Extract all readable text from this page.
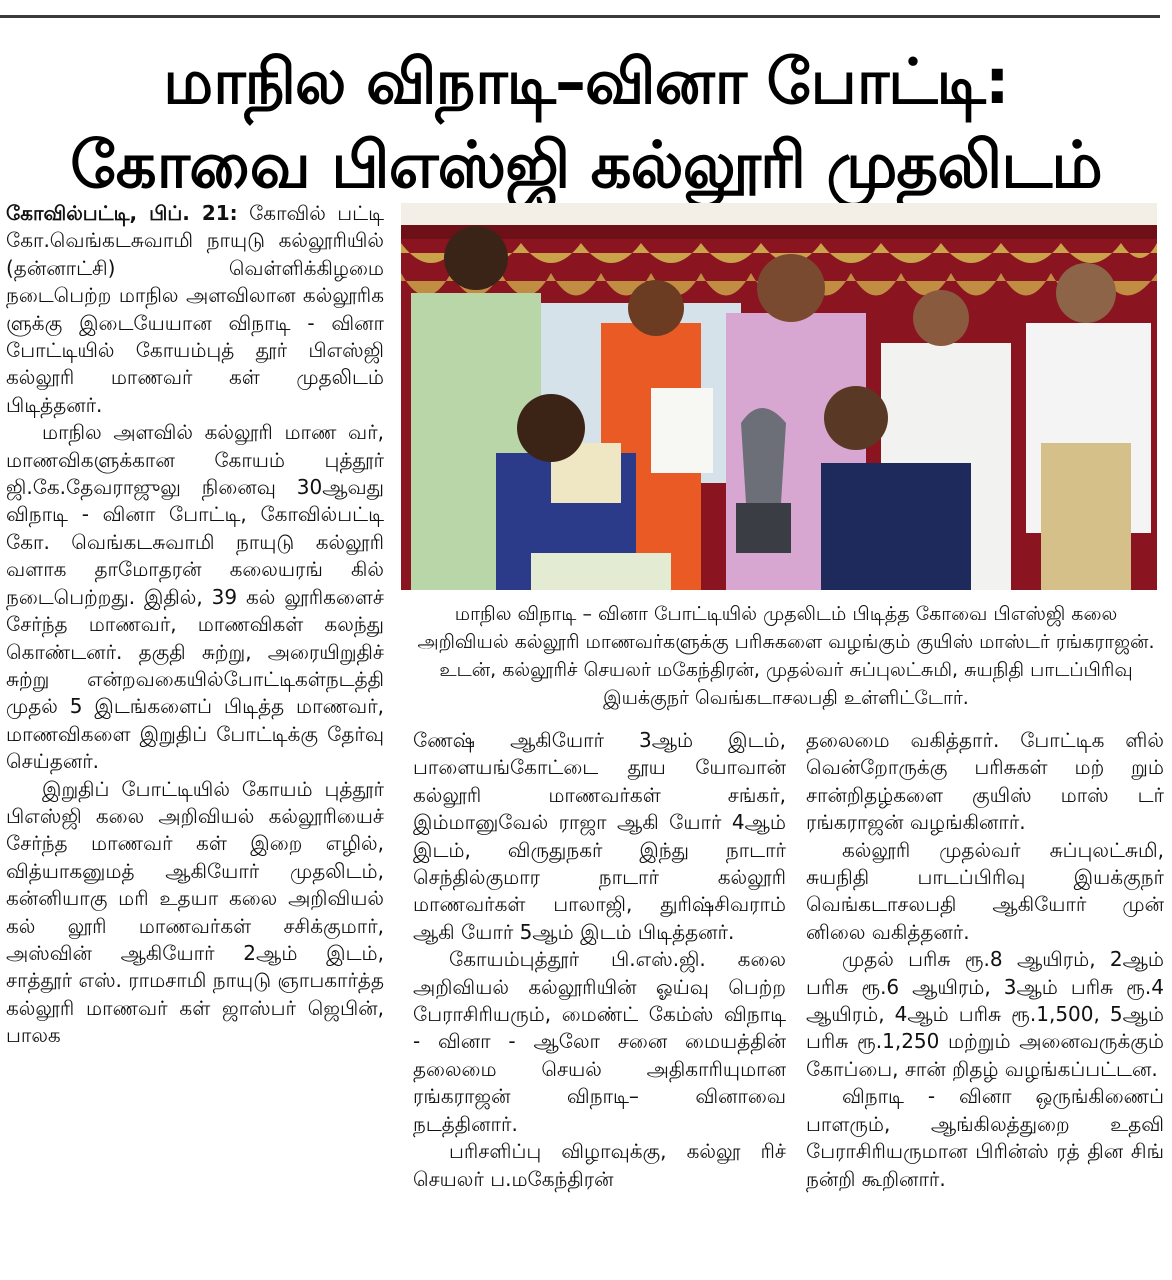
மாநில விநாடி–வினா போட்டி:
கோவை பிஎஸ்ஜி கல்லூரி முதலிடம்

கோவில்பட்டி, பிப். 21: கோவில் பட்டி கோ.வெங்கடசுவாமி நாயுடு கல்லூரியில் (தன்னாட்சி) வெள்ளிக்கிழமை நடைபெற்ற மாநில அளவிலான கல்லூரிக ளுக்கு இடையேயான விநாடி - வினா போட்டியில் கோயம்புத் தூர் பிஎஸ்ஜி கல்லூரி மாணவர் கள் முதலிடம் பிடித்தனர்.

மாநில அளவில் கல்லூரி மாண வர், மாணவிகளுக்கான கோயம் புத்தூர் ஜி.கே.தேவராஜுலு நினைவு 30ஆவது விநாடி - வினா போட்டி, கோவில்பட்டி கோ. வெங்கடசுவாமி நாயுடு கல்லூரி வளாக தாமோதரன் கலையரங் கில் நடைபெற்றது. இதில், 39 கல் லூரிகளைச் சேர்ந்த மாணவர், மாணவிகள் கலந்து கொண்டனர். தகுதி சுற்று, அரையிறுதிச் சுற்று என்றவகையில்போட்டிகள்நடத்தி முதல் 5 இடங்களைப் பிடித்த மாணவர், மாணவிகளை இறுதிப் போட்டிக்கு தேர்வு செய்தனர்.

இறுதிப் போட்டியில் கோயம் புத்தூர் பிஎஸ்ஜி கலை அறிவியல் கல்லூரியைச் சேர்ந்த மாணவர் கள் இறை எழில், வித்யாகனுமத் ஆகியோர் முதலிடம், கன்னியாகு மரி உதயா கலை அறிவியல் கல் லூரி மாணவர்கள் சசிக்குமார், அஸ்வின் ஆகியோர் 2ஆம் இடம், சாத்தூர் எஸ். ராமசாமி நாயுடு ஞாபகார்த்த கல்லூரி மாணவர் கள் ஜாஸ்பர் ஜெபின், பாலக

மாநில விநாடி – வினா போட்டியில் முதலிடம் பிடித்த கோவை பிஎஸ்ஜி கலை அறிவியல் கல்லூரி மாணவர்களுக்கு பரிசுகளை வழங்கும் குயிஸ் மாஸ்டர் ரங்கராஜன். உடன், கல்லூரிச் செயலர் மகேந்திரன், முதல்வர் சுப்புலட்சுமி, சுயநிதி பாடப்பிரிவு இயக்குநர் வெங்கடாசலபதி உள்ளிட்டோர்.

ணேஷ் ஆகியோர் 3ஆம் இடம், பாளையங்கோட்டை தூய யோவான் கல்லூரி மாணவர்கள் சங்கர், இம்மானுவேல் ராஜா ஆகி யோர் 4ஆம் இடம், விருதுநகர் இந்து நாடார் செந்தில்குமார நாடார் கல்லூரி மாணவர்கள் பாலாஜி, துரிஷ்சிவராம் ஆகி யோர் 5ஆம் இடம் பிடித்தனர்.

கோயம்புத்தூர் பி.எஸ்.ஜி. கலை அறிவியல் கல்லூரியின் ஓய்வு பெற்ற பேராசிரியரும், மைண்ட் கேம்ஸ் விநாடி - வினா - ஆலோ சனை மையத்தின் தலைமை செயல் அதிகாரியுமான ரங்கராஜன் விநாடி– வினாவை நடத்தினார்.

பரிசளிப்பு விழாவுக்கு, கல்லூ ரிச் செயலர் ப.மகேந்திரன்

தலைமை வகித்தார். போட்டிக ளில் வென்றோருக்கு பரிசுகள் மற் றும் சான்றிதழ்களை குயிஸ் மாஸ் டர் ரங்கராஜன் வழங்கினார்.

கல்லூரி முதல்வர் சுப்புலட்சுமி, சுயநிதி பாடப்பிரிவு இயக்குநர் வெங்கடாசலபதி ஆகியோர் முன் னிலை வகித்தனர்.

முதல் பரிசு ரூ.8 ஆயிரம், 2ஆம் பரிசு ரூ.6 ஆயிரம், 3ஆம் பரிசு ரூ.4 ஆயிரம், 4ஆம் பரிசு ரூ.1,500, 5ஆம் பரிசு ரூ.1,250 மற்றும் அனைவருக்கும் கோப்பை, சான் றிதழ் வழங்கப்பட்டன.

விநாடி - வினா ஒருங்கிணைப் பாளரும், ஆங்கிலத்துறை உதவி பேராசிரியருமான பிரின்ஸ் ரத் தின சிங் நன்றி கூறினார்.
